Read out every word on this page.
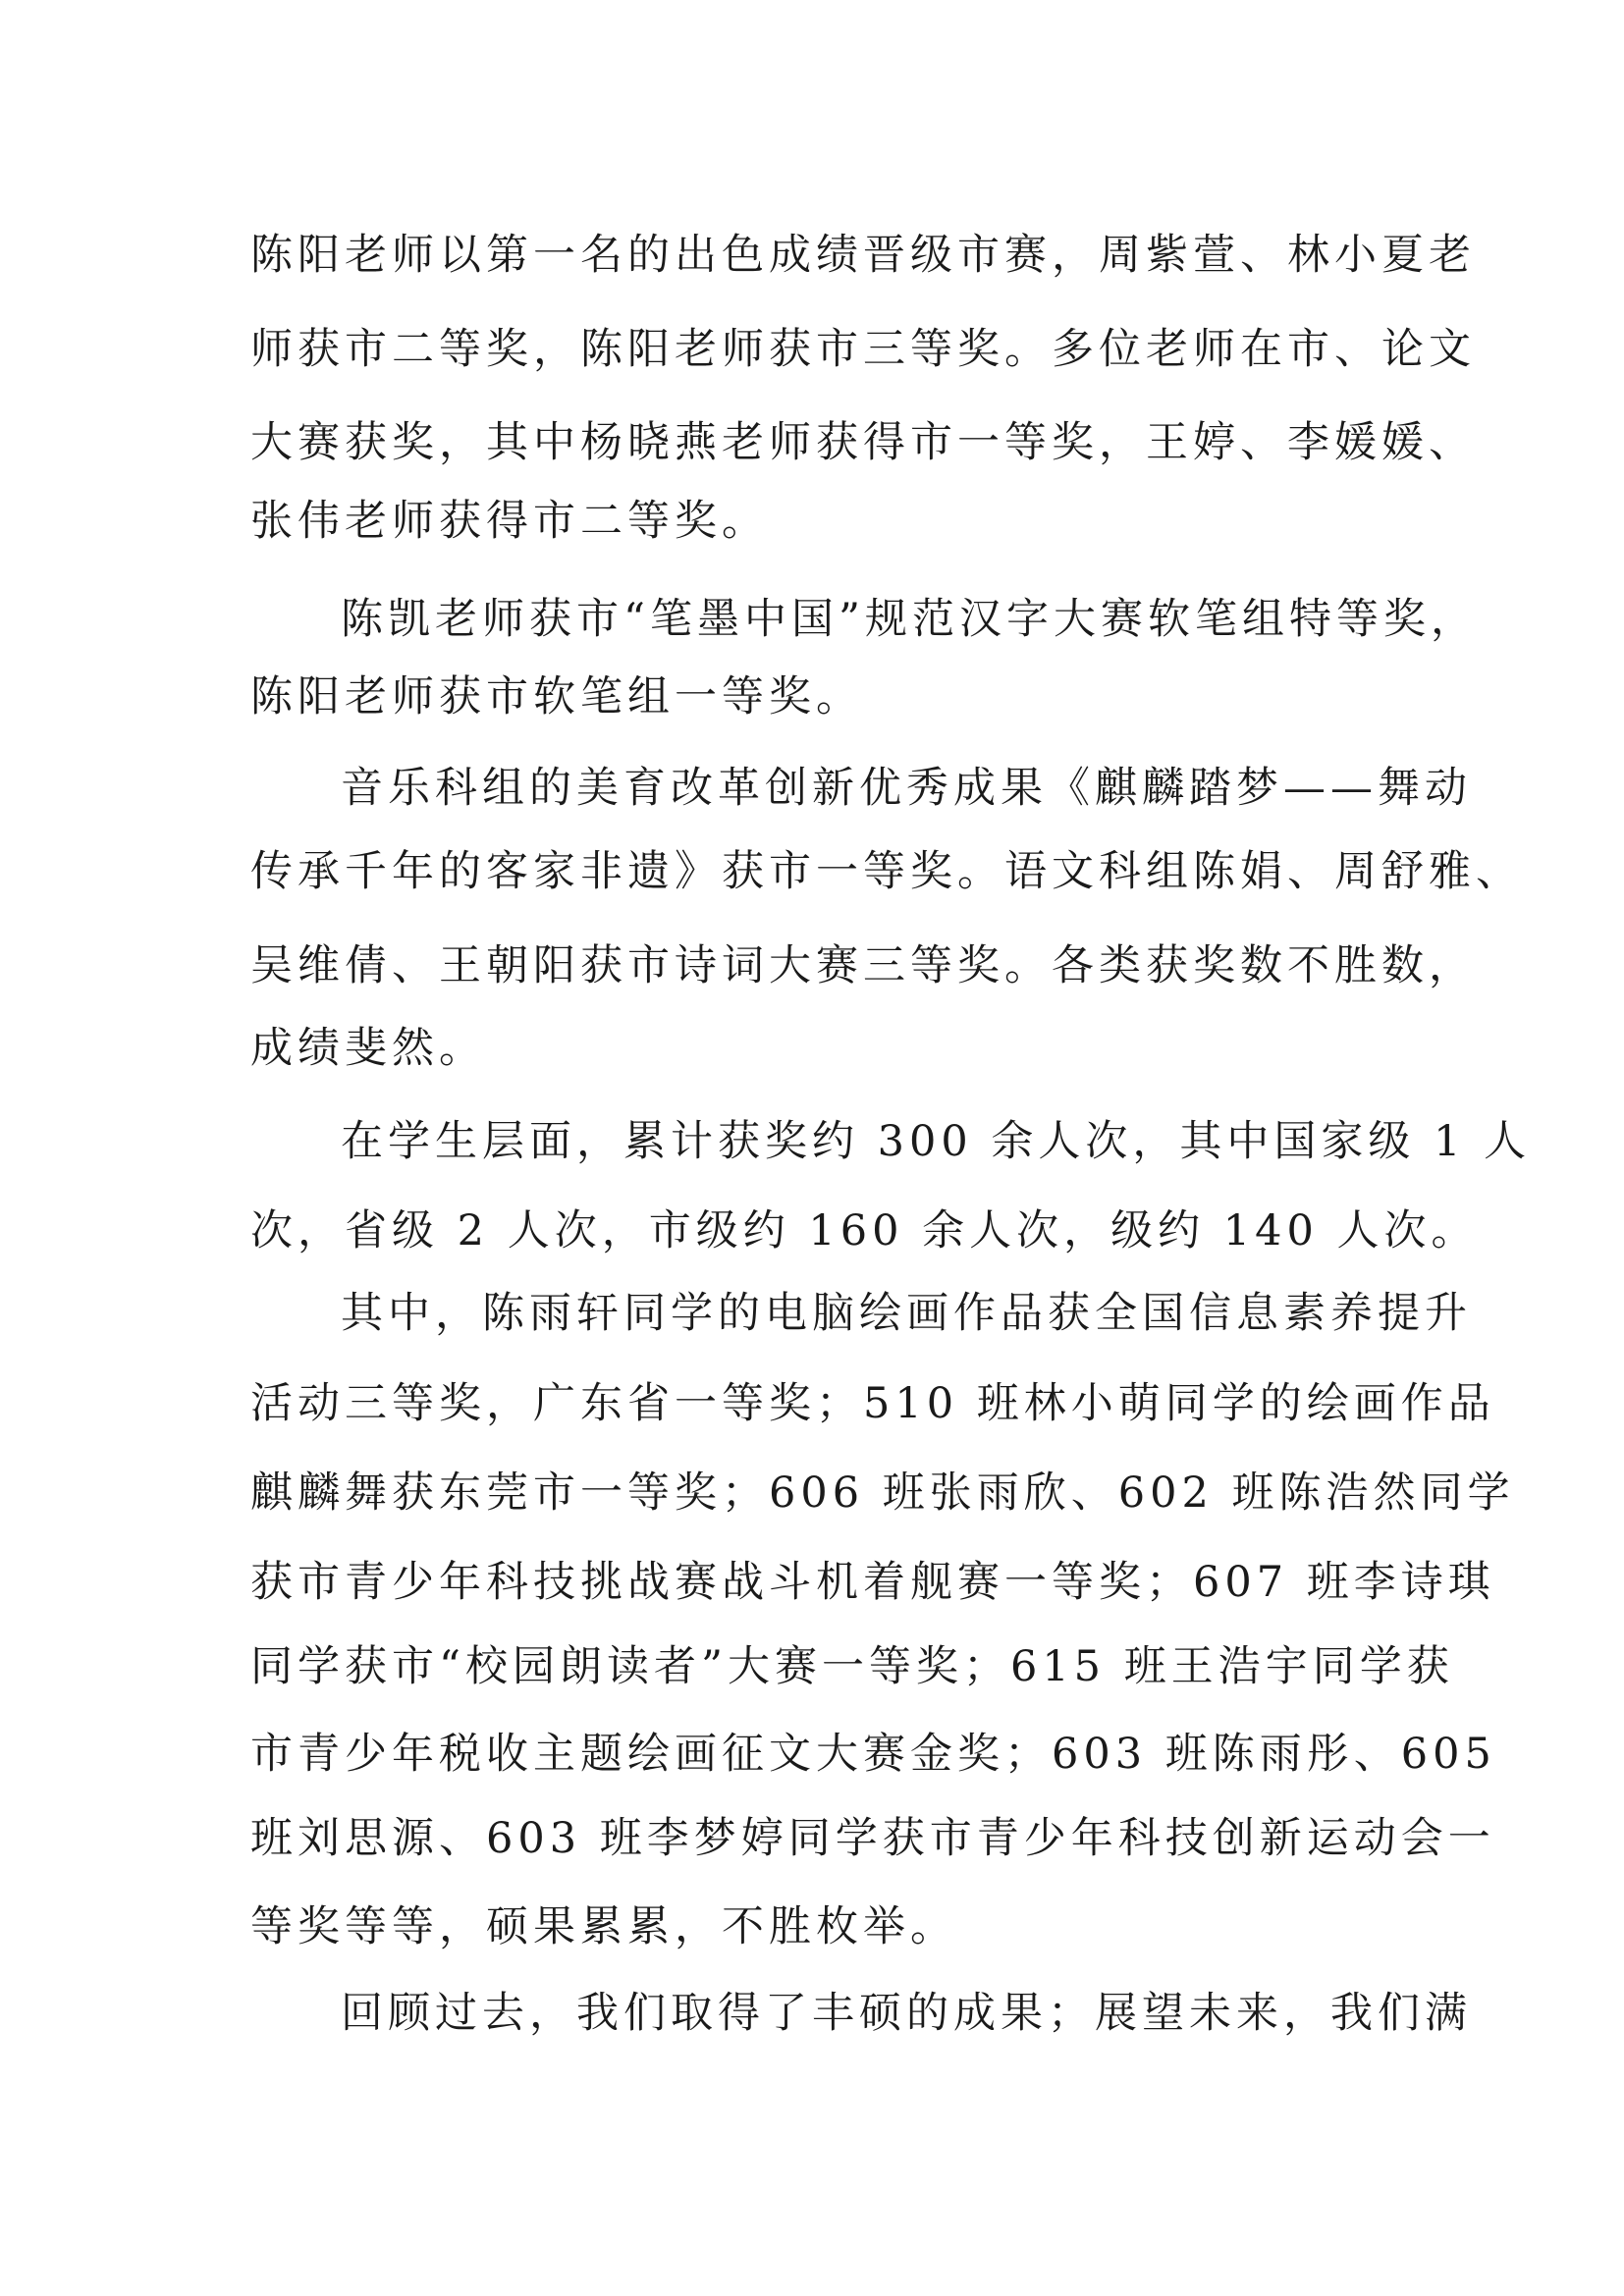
陈阳老师以第一名的出色成绩晋级市赛，周紫萱、林小夏老
师获市二等奖，陈阳老师获市三等奖。多位老师在市、论文
大赛获奖，其中杨晓燕老师获得市一等奖，王婷、李媛媛、
张伟老师获得市二等奖。
陈凯老师获市“笔墨中国”规范汉字大赛软笔组特等奖，
陈阳老师获市软笔组一等奖。
音乐科组的美育改革创新优秀成果《麒麟踏梦——舞动
传承千年的客家非遗》获市一等奖。语文科组陈娟、周舒雅、
吴维倩、王朝阳获市诗词大赛三等奖。各类获奖数不胜数，
成绩斐然。
在学生层面，累计获奖约 300 余人次，其中国家级 1 人
次，省级 2 人次，市级约 160 余人次，级约 140 人次。
其中，陈雨轩同学的电脑绘画作品获全国信息素养提升
活动三等奖，广东省一等奖；510 班林小萌同学的绘画作品
麒麟舞获东莞市一等奖；606 班张雨欣、602 班陈浩然同学
获市青少年科技挑战赛战斗机着舰赛一等奖；607 班李诗琪
同学获市“校园朗读者”大赛一等奖；615 班王浩宇同学获
市青少年税收主题绘画征文大赛金奖；603 班陈雨彤、605
班刘思源、603 班李梦婷同学获市青少年科技创新运动会一
等奖等等，硕果累累，不胜枚举。
回顾过去，我们取得了丰硕的成果；展望未来，我们满
